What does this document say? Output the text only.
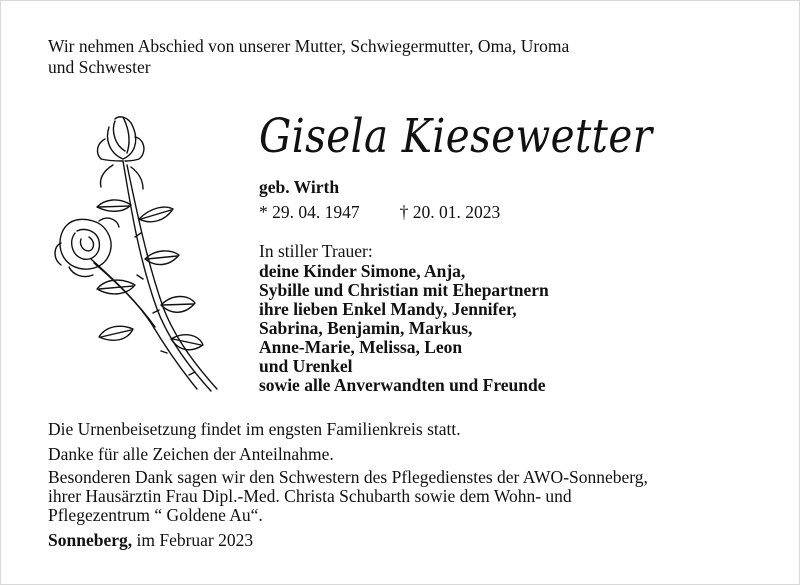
Wir nehmen Abschied von unserer Mutter, Schwiegermutter, Oma, Uroma
und Schwester

Gisela Kiesewetter

geb. Wirth

* 29. 04. 1947 † 20. 01. 2023

In stiller Trauer:

deine Kinder Simone, Anja,
Sybille und Christian mit Ehepartnern
ihre lieben Enkel Mandy, Jennifer,
Sabrina, Benjamin, Markus,
Anne-Marie, Melissa, Leon
und Urenkel
sowie alle Anverwandten und Freunde

Die Urnenbeisetzung findet im engsten Familienkreis statt.

Danke für alle Zeichen der Anteilnahme.

Besonderen Dank sagen wir den Schwestern des Pflegedienstes der AWO-Sonneberg,
ihrer Hausärztin Frau Dipl.-Med. Christa Schubarth sowie dem Wohn- und
Pflegezentrum “ Goldene Au“.

Sonneberg, im Februar 2023
